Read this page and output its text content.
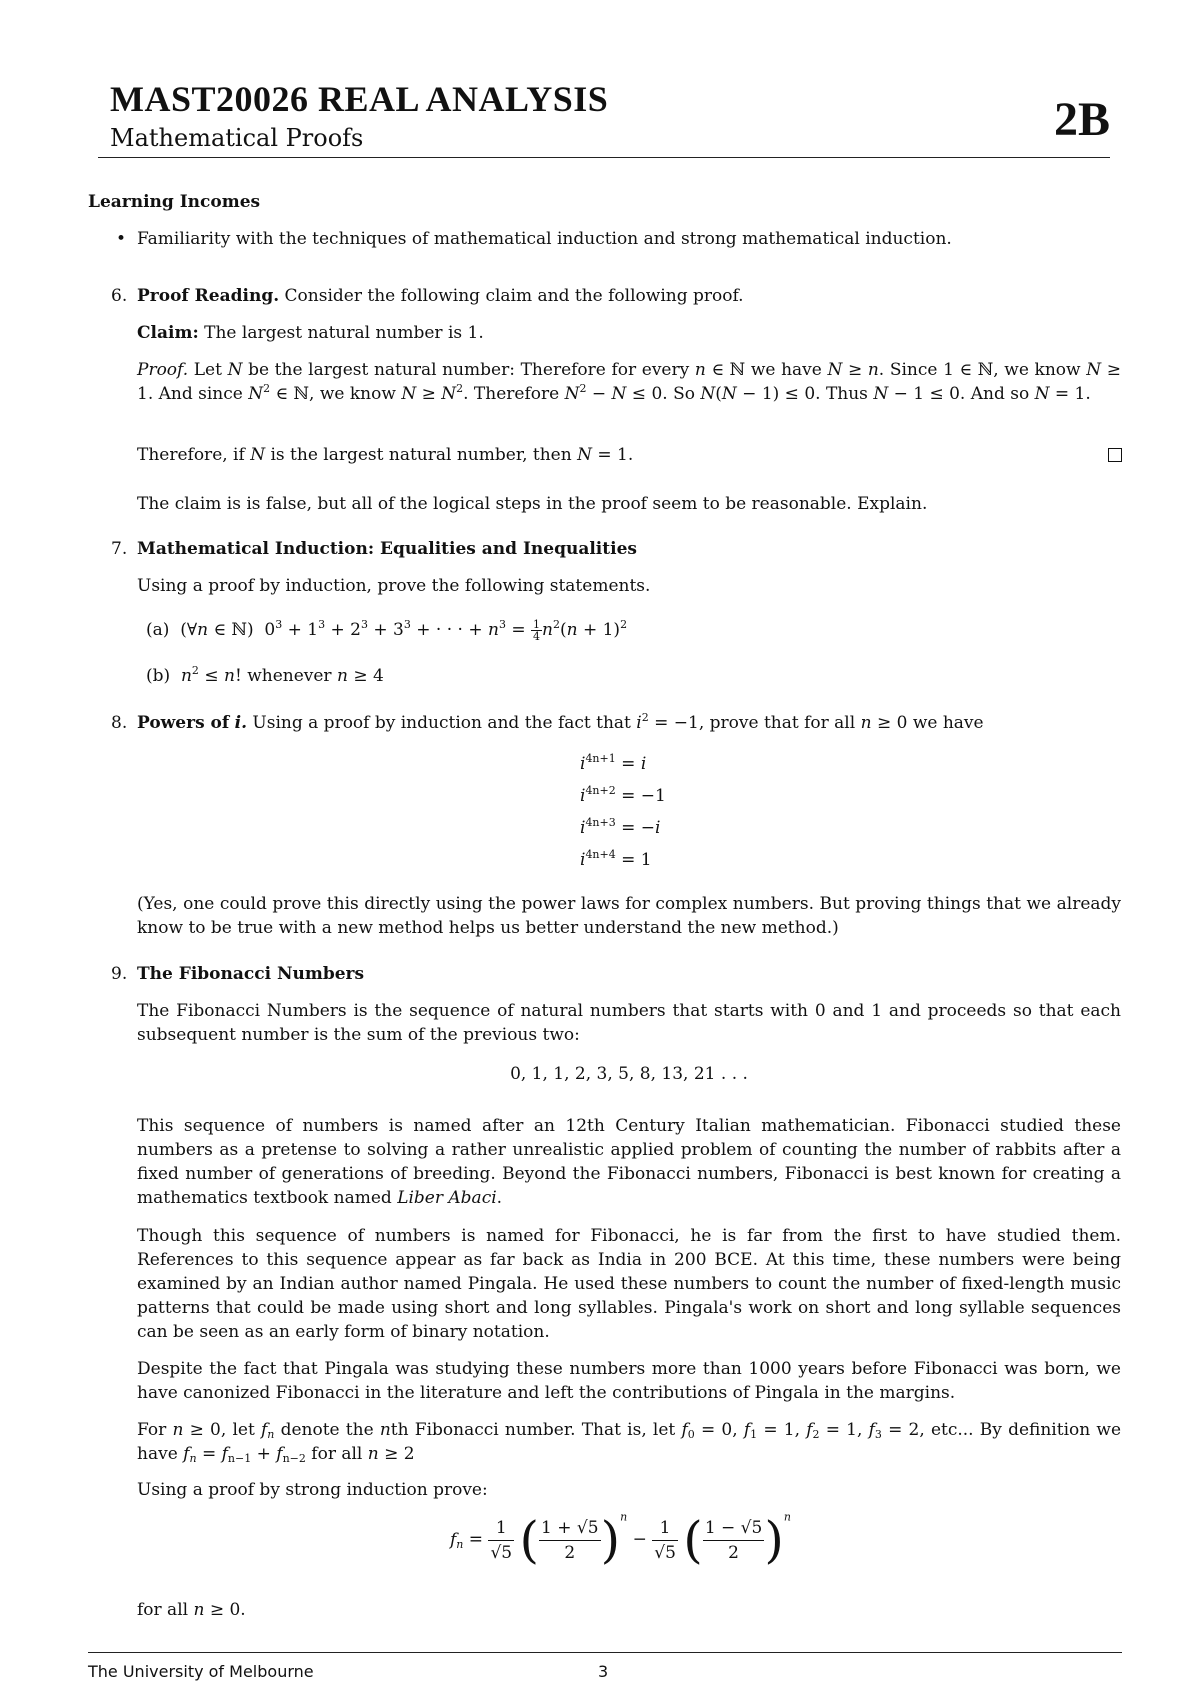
MAST20026 REAL ANALYSIS
Mathematical Proofs	2B
Learning Incomes
• Familiarity with the techniques of mathematical induction and strong mathematical induction.
6. Proof Reading. Consider the following claim and the following proof.
Claim: The largest natural number is 1.
Proof. Let N be the largest natural number: Therefore for every n ∈ ℕ we have N ≥ n. Since 1 ∈ ℕ, we know N ≥ 1. And since $N^2$ ∈ ℕ, we know $N \ge N^2$. Therefore $N^2 - N \le 0$. So N(N − 1) ≤ 0. Thus N − 1 ≤ 0. And so N = 1.
Therefore, if N is the largest natural number, then N = 1.
The claim is is false, but all of the logical steps in the proof seem to be reasonable. Explain.
7. Mathematical Induction: Equalities and Inequalities
Using a proof by induction, prove the following statements.
(a)  (∀n ∈ ℕ)  $0^3 + 1^3 + 2^3 + 3^3$ + · · · + $n^3 = \frac{1}{4} n^2(n + 1)^2$
(b) $n^2 \le n$! whenever n ≥ 4
8. Powers of i. Using a proof by induction and the fact that $i^2 = -1$, prove that for all n ≥ 0 we have
$i^{4n+1} = i$
$i^{4n+2} = -1$
$i^{4n+3} = -i$
$i^{4n+4} = 1$
(Yes, one could prove this directly using the power laws for complex numbers. But proving things that we already know to be true with a new method helps us better understand the new method.)
9. The Fibonacci Numbers
The Fibonacci Numbers is the sequence of natural numbers that starts with 0 and 1 and proceeds so that each subsequent number is the sum of the previous two:
0, 1, 1, 2, 3, 5, 8, 13, 21 . . .
This sequence of numbers is named after an 12th Century Italian mathematician. Fibonacci studied these numbers as a pretense to solving a rather unrealistic applied problem of counting the number of rabbits after a fixed number of generations of breeding. Beyond the Fibonacci numbers, Fibonacci is best known for creating a mathematics textbook named Liber Abaci.
Though this sequence of numbers is named for Fibonacci, he is far from the first to have studied them. References to this sequence appear as far back as India in 200 BCE. At this time, these numbers were being examined by an Indian author named Pingala. He used these numbers to count the number of fixed-length music patterns that could be made using short and long syllables. Pingala's work on short and long syllable sequences can be seen as an early form of binary notation.
Despite the fact that Pingala was studying these numbers more than 1000 years before Fibonacci was born, we have canonized Fibonacci in the literature and left the contributions of Pingala in the margins.
For n ≥ 0, let $f_n$ denote the nth Fibonacci number. That is, let $f_0 = 0$, $f_1 = 1$, $f_2 = 1$, $f_3 = 2$, etc... By definition we have $f_n = f_{n-1} + f_{n-2}$ for all n ≥ 2
Using a proof by strong induction prove:
$f_n = \frac{1}{√5}$ ( $\frac{1 + √5}{2} )^n - \frac{1}{√5}$ ( $\frac{1 - √5}{2} )^n$
for all n ≥ 0.
The University of Melbourne	3
